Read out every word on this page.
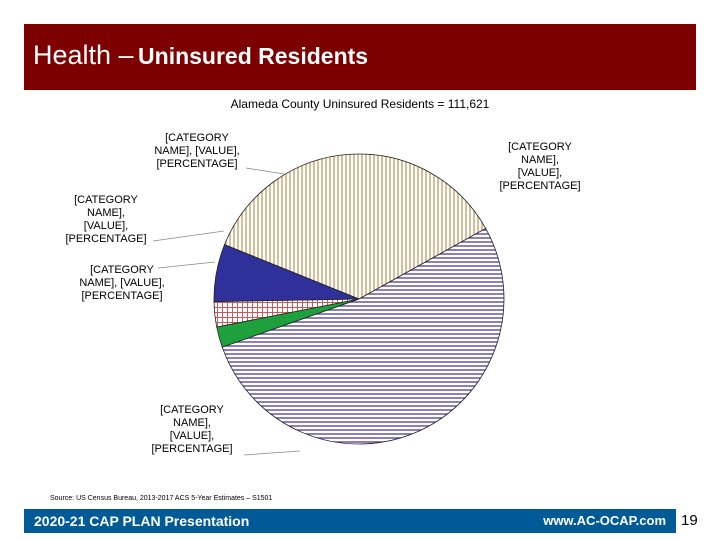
Health – Uninsured Residents
Alameda County Uninsured Residents = 111,621
[CATEGORY NAME], [VALUE], [PERCENTAGE]
[CATEGORY NAME], [VALUE], [PERCENTAGE]
[CATEGORY NAME], [VALUE], [PERCENTAGE]
[CATEGORY NAME], [VALUE], [PERCENTAGE]
[CATEGORY NAME], [VALUE], [PERCENTAGE]
Source: US Census Bureau, 2013-2017 ACS 5-Year Estimates – S1501
2020-21 CAP PLAN Presentation	www.AC-OCAP.com 19
